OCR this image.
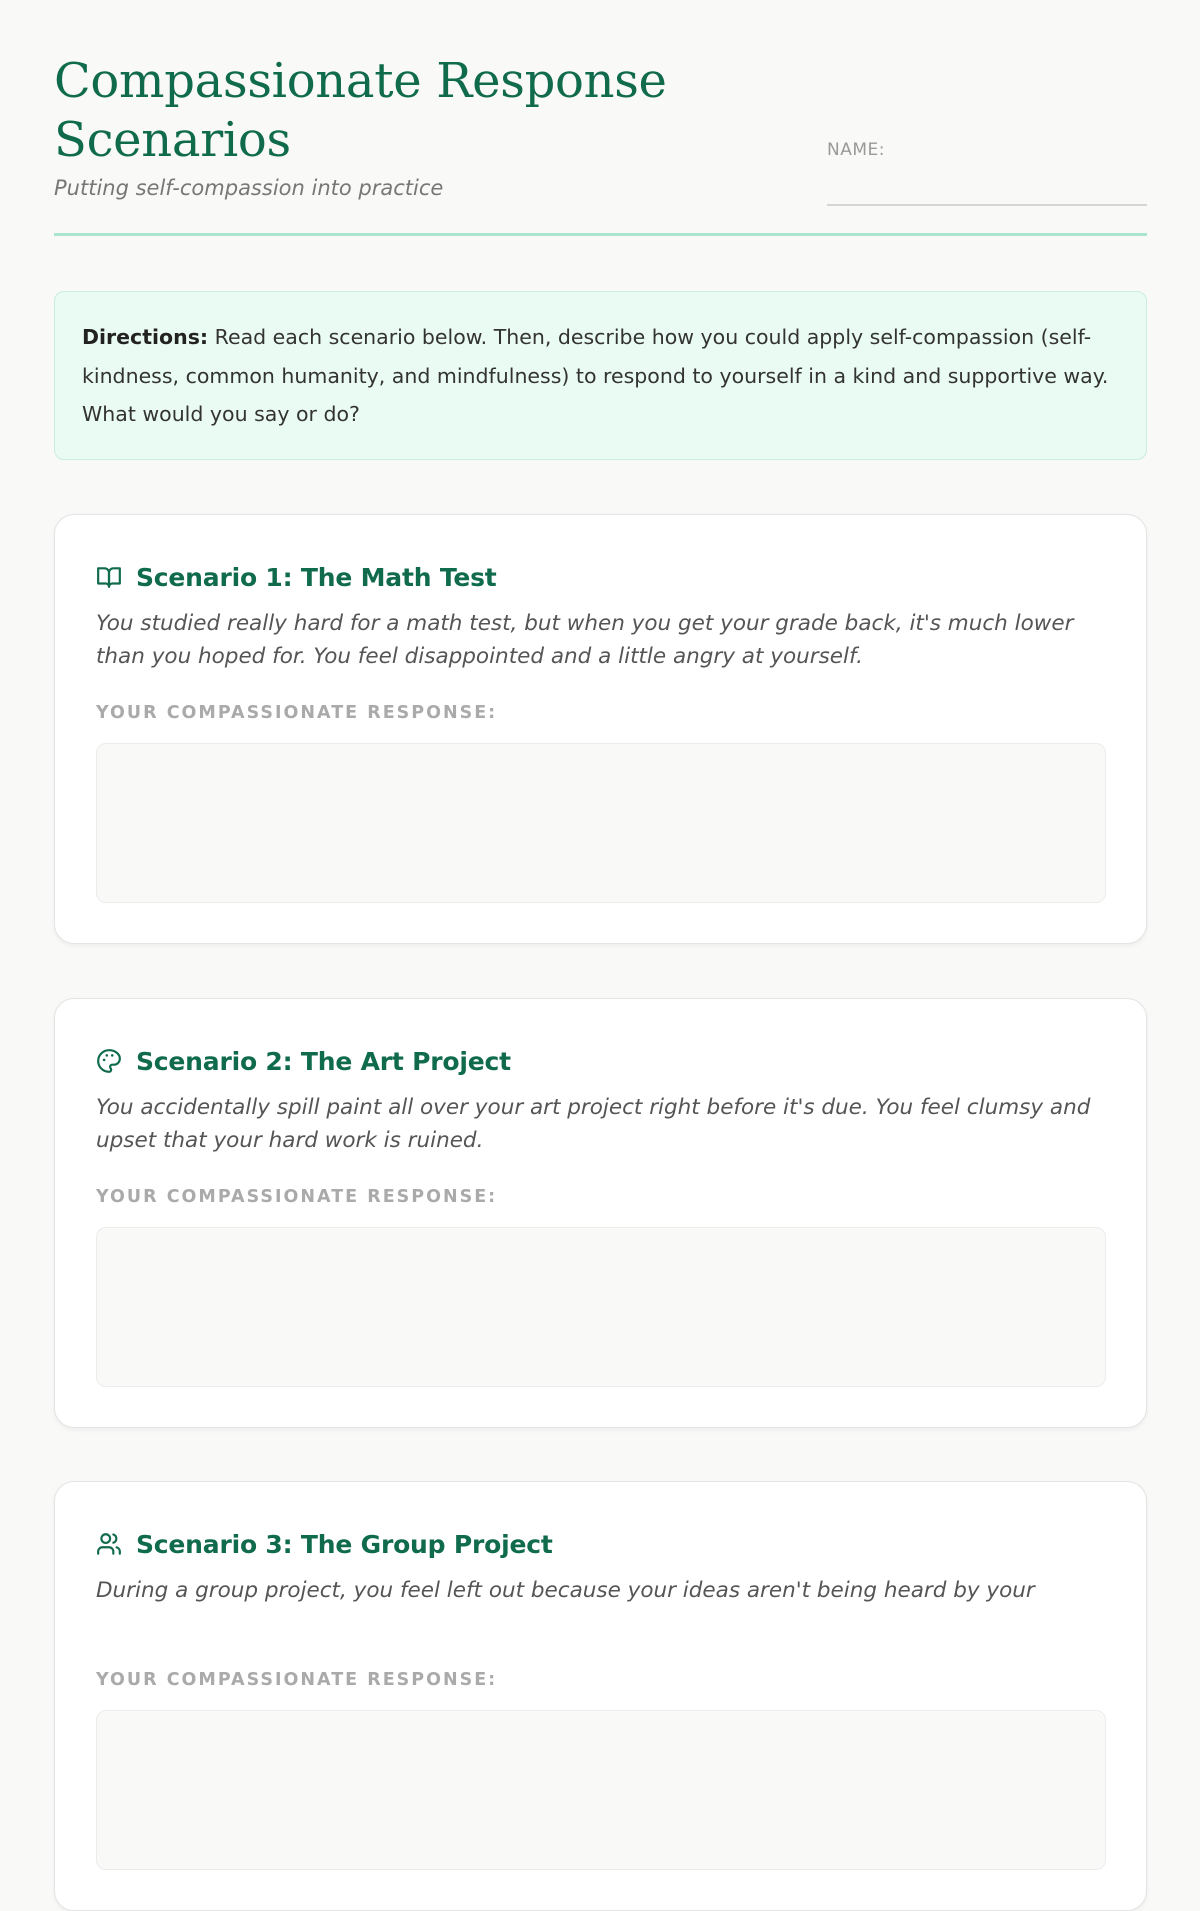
Compassionate Response Scenarios
Putting self-compassion into practice
NAME:
Directions: Read each scenario below. Then, describe how you could apply self-compassion (self-kindness, common humanity, and mindfulness) to respond to yourself in a kind and supportive way. What would you say or do?
Scenario 1: The Math Test
You studied really hard for a math test, but when you get your grade back, it's much lower than you hoped for. You feel disappointed and a little angry at yourself.
YOUR COMPASSIONATE RESPONSE:
Scenario 2: The Art Project
You accidentally spill paint all over your art project right before it's due. You feel clumsy and upset that your hard work is ruined.
YOUR COMPASSIONATE RESPONSE:
Scenario 3: The Group Project
During a group project, you feel left out because your ideas aren't being heard by your
YOUR COMPASSIONATE RESPONSE:
